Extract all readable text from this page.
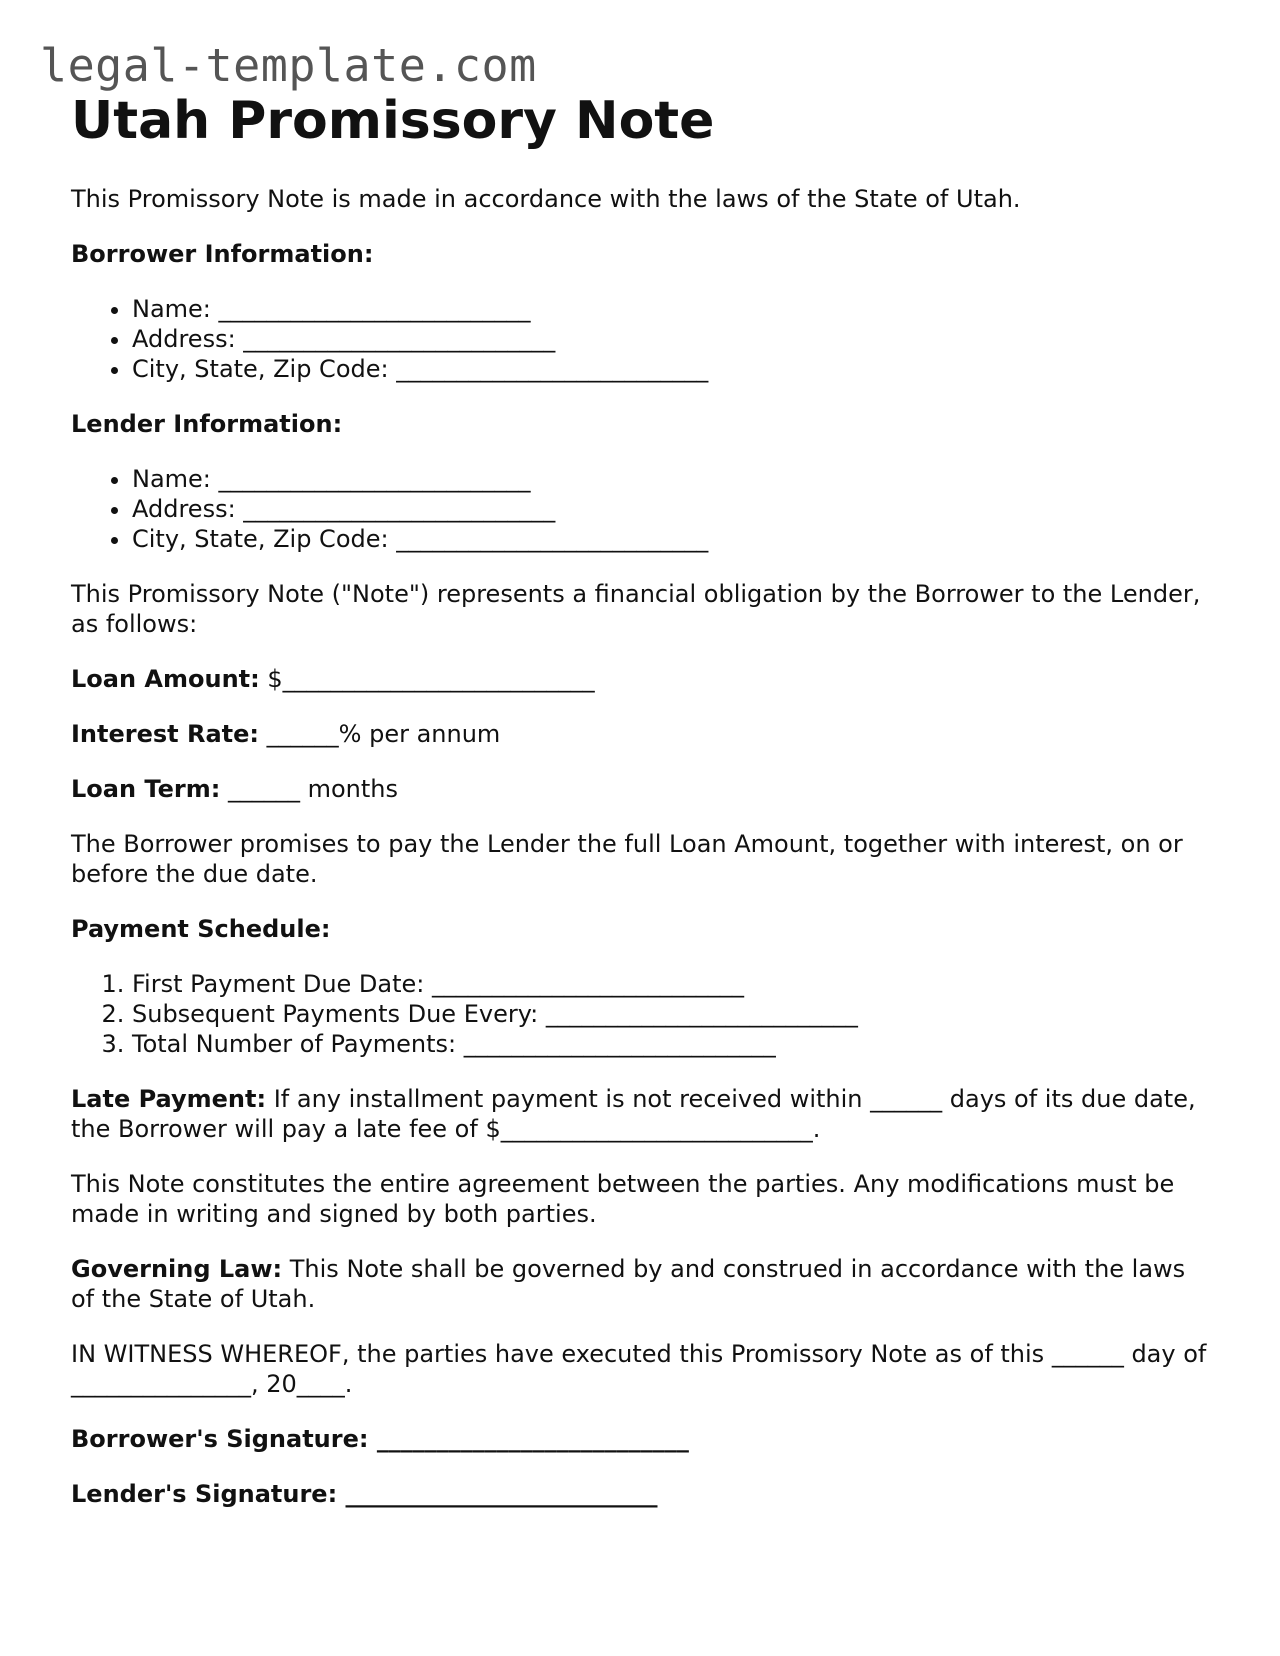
legal-template.com
Utah Promissory Note

This Promissory Note is made in accordance with the laws of the State of Utah.

Borrower Information:

• Name: __________________________
• Address: __________________________
• City, State, Zip Code: __________________________

Lender Information:

• Name: __________________________
• Address: __________________________
• City, State, Zip Code: __________________________

This Promissory Note ("Note") represents a financial obligation by the Borrower to the Lender, as follows:

Loan Amount: $__________________________

Interest Rate: ______% per annum

Loan Term: ______ months

The Borrower promises to pay the Lender the full Loan Amount, together with interest, on or before the due date.

Payment Schedule:

1. First Payment Due Date: __________________________
2. Subsequent Payments Due Every: __________________________
3. Total Number of Payments: __________________________

Late Payment: If any installment payment is not received within ______ days of its due date, the Borrower will pay a late fee of $__________________________.

This Note constitutes the entire agreement between the parties. Any modifications must be made in writing and signed by both parties.

Governing Law: This Note shall be governed by and construed in accordance with the laws of the State of Utah.

IN WITNESS WHEREOF, the parties have executed this Promissory Note as of this ______ day of _______________, 20____.

Borrower's Signature: __________________________

Lender's Signature: __________________________
